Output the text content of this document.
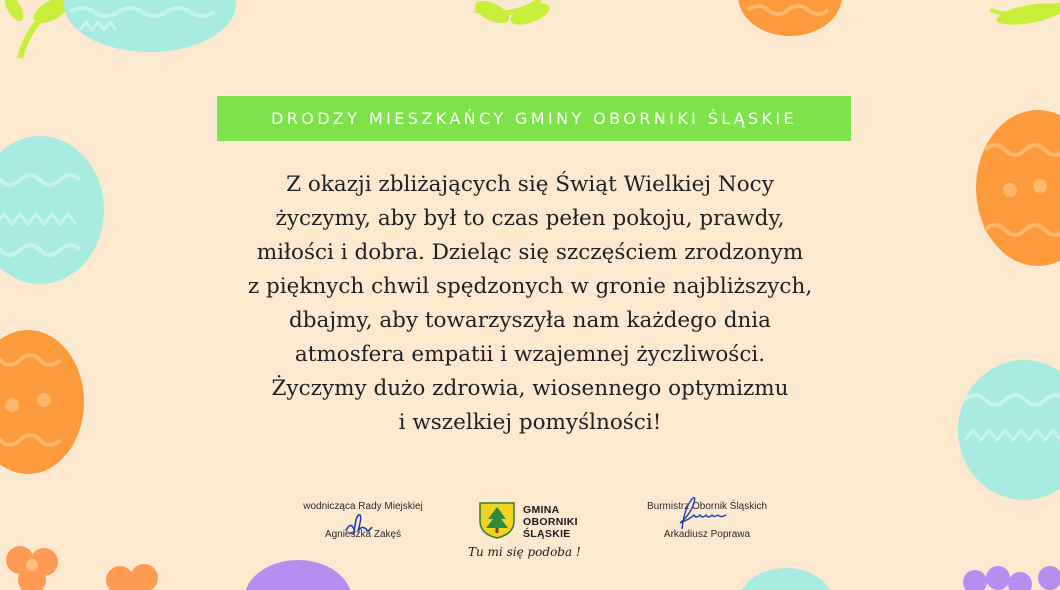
DRODZY MIESZKAŃCY GMINY OBORNIKI ŚLĄSKIE
Z okazji zbliżających się Świąt Wielkiej Nocy
życzymy, aby był to czas pełen pokoju, prawdy,
miłości i dobra. Dzieląc się szczęściem zrodzonym
z pięknych chwil spędzonych w gronie najbliższych,
dbajmy, aby towarzyszyła nam każdego dnia
atmosfera empatii i wzajemnej życzliwości.
Życzymy dużo zdrowia, wiosennego optymizmu
i wszelkiej pomyślności!
wodnicząca Rady Miejskiej
Agnieszka Zakęś
GMINA
OBORNIKI
ŚLĄSKIE
Tu mi się podoba !
Burmistrz Obornik Śląskich
Arkadiusz Poprawa
